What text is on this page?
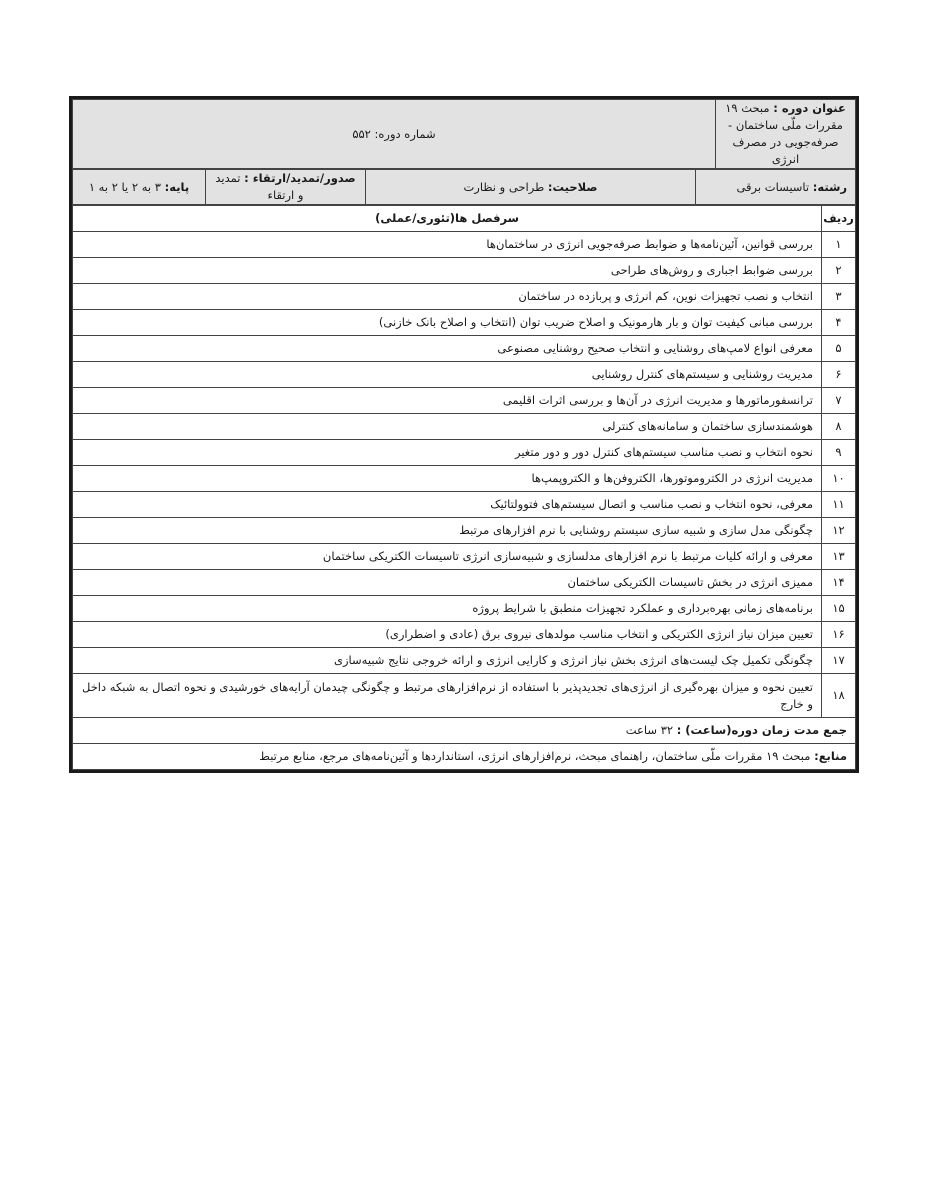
عنوان دوره : مبحث ۱۹ مقررات ملّی ساختمان - صرفه‌جویی در مصرف انرژی	شماره دوره: ۵۵۲
رشته: تاسیسات برقی	صلاحیت: طراحی و نظارت	صدور/تمدید/ارتقاء : تمدید و ارتقاء	پایه: ۳ به ۲ یا ۲ به ۱
ردیف	سرفصل ها(تئوری/عملی)
۱	بررسی قوانین، آئین‌نامه‌ها و ضوابط صرفه‌جویی انرژی در ساختمان‌ها
۲	بررسی ضوابط اجباری و روش‌های طراحی
۳	انتخاب و نصب تجهیزات نوین، کم انرژی و پربازده در ساختمان
۴	بررسی مبانی کیفیت توان و بار هارمونیک و اصلاح ضریب توان (انتخاب و اصلاح بانک خازنی)
۵	معرفی انواع لامپ‌های روشنایی و انتخاب صحیح روشنایی مصنوعی
۶	مدیریت روشنایی و سیستم‌های کنترل روشنایی
۷	ترانسفورماتورها و مدیریت انرژی در آن‌ها و بررسی اثرات اقلیمی
۸	هوشمندسازی ساختمان و سامانه‌های کنترلی
۹	نحوه انتخاب و نصب مناسب سیستم‌های کنترل دور و دور متغیر
۱۰	مدیریت انرژی در الکتروموتورها، الکتروفن‌ها و الکتروپمپ‌ها
۱۱	معرفی، نحوه انتخاب و نصب مناسب و اتصال سیستم‌های فتوولتائیک
۱۲	چگونگی مدل سازی و شبیه سازی سیستم روشنایی با نرم افزارهای مرتبط
۱۳	معرفی و ارائه کلیات مرتبط با نرم افزارهای مدلسازی و شبیه‌سازی انرژی تاسیسات الکتریکی ساختمان
۱۴	ممیزی انرژی در بخش تاسیسات الکتریکی ساختمان
۱۵	برنامه‌های زمانی بهره‌برداری و عملکرد تجهیزات منطبق با شرایط پروژه
۱۶	تعیین میزان نیاز انرژی الکتریکی و انتخاب مناسب مولدهای نیروی برق (عادی و اضطراری)
۱۷	چگونگی تکمیل چک لیست‌های انرژی بخش نیاز انرژی و کارایی انرژی و ارائه خروجی نتایج شبیه‌سازی
۱۸	تعیین نحوه و میزان بهره‌گیری از انرژی‌های تجدیدپذیر با استفاده از نرم‌افزارهای مرتبط و چگونگی چیدمان آرایه‌های خورشیدی و نحوه اتصال به شبکه داخل و خارج
جمع مدت زمان دوره(ساعت) : ۳۲ ساعت	
منابع: مبحث ۱۹ مقررات ملّی ساختمان، راهنمای مبحث، نرم‌افزارهای انرژی، استانداردها و آئین‌نامه‌های مرجع، منابع مرتبط	
